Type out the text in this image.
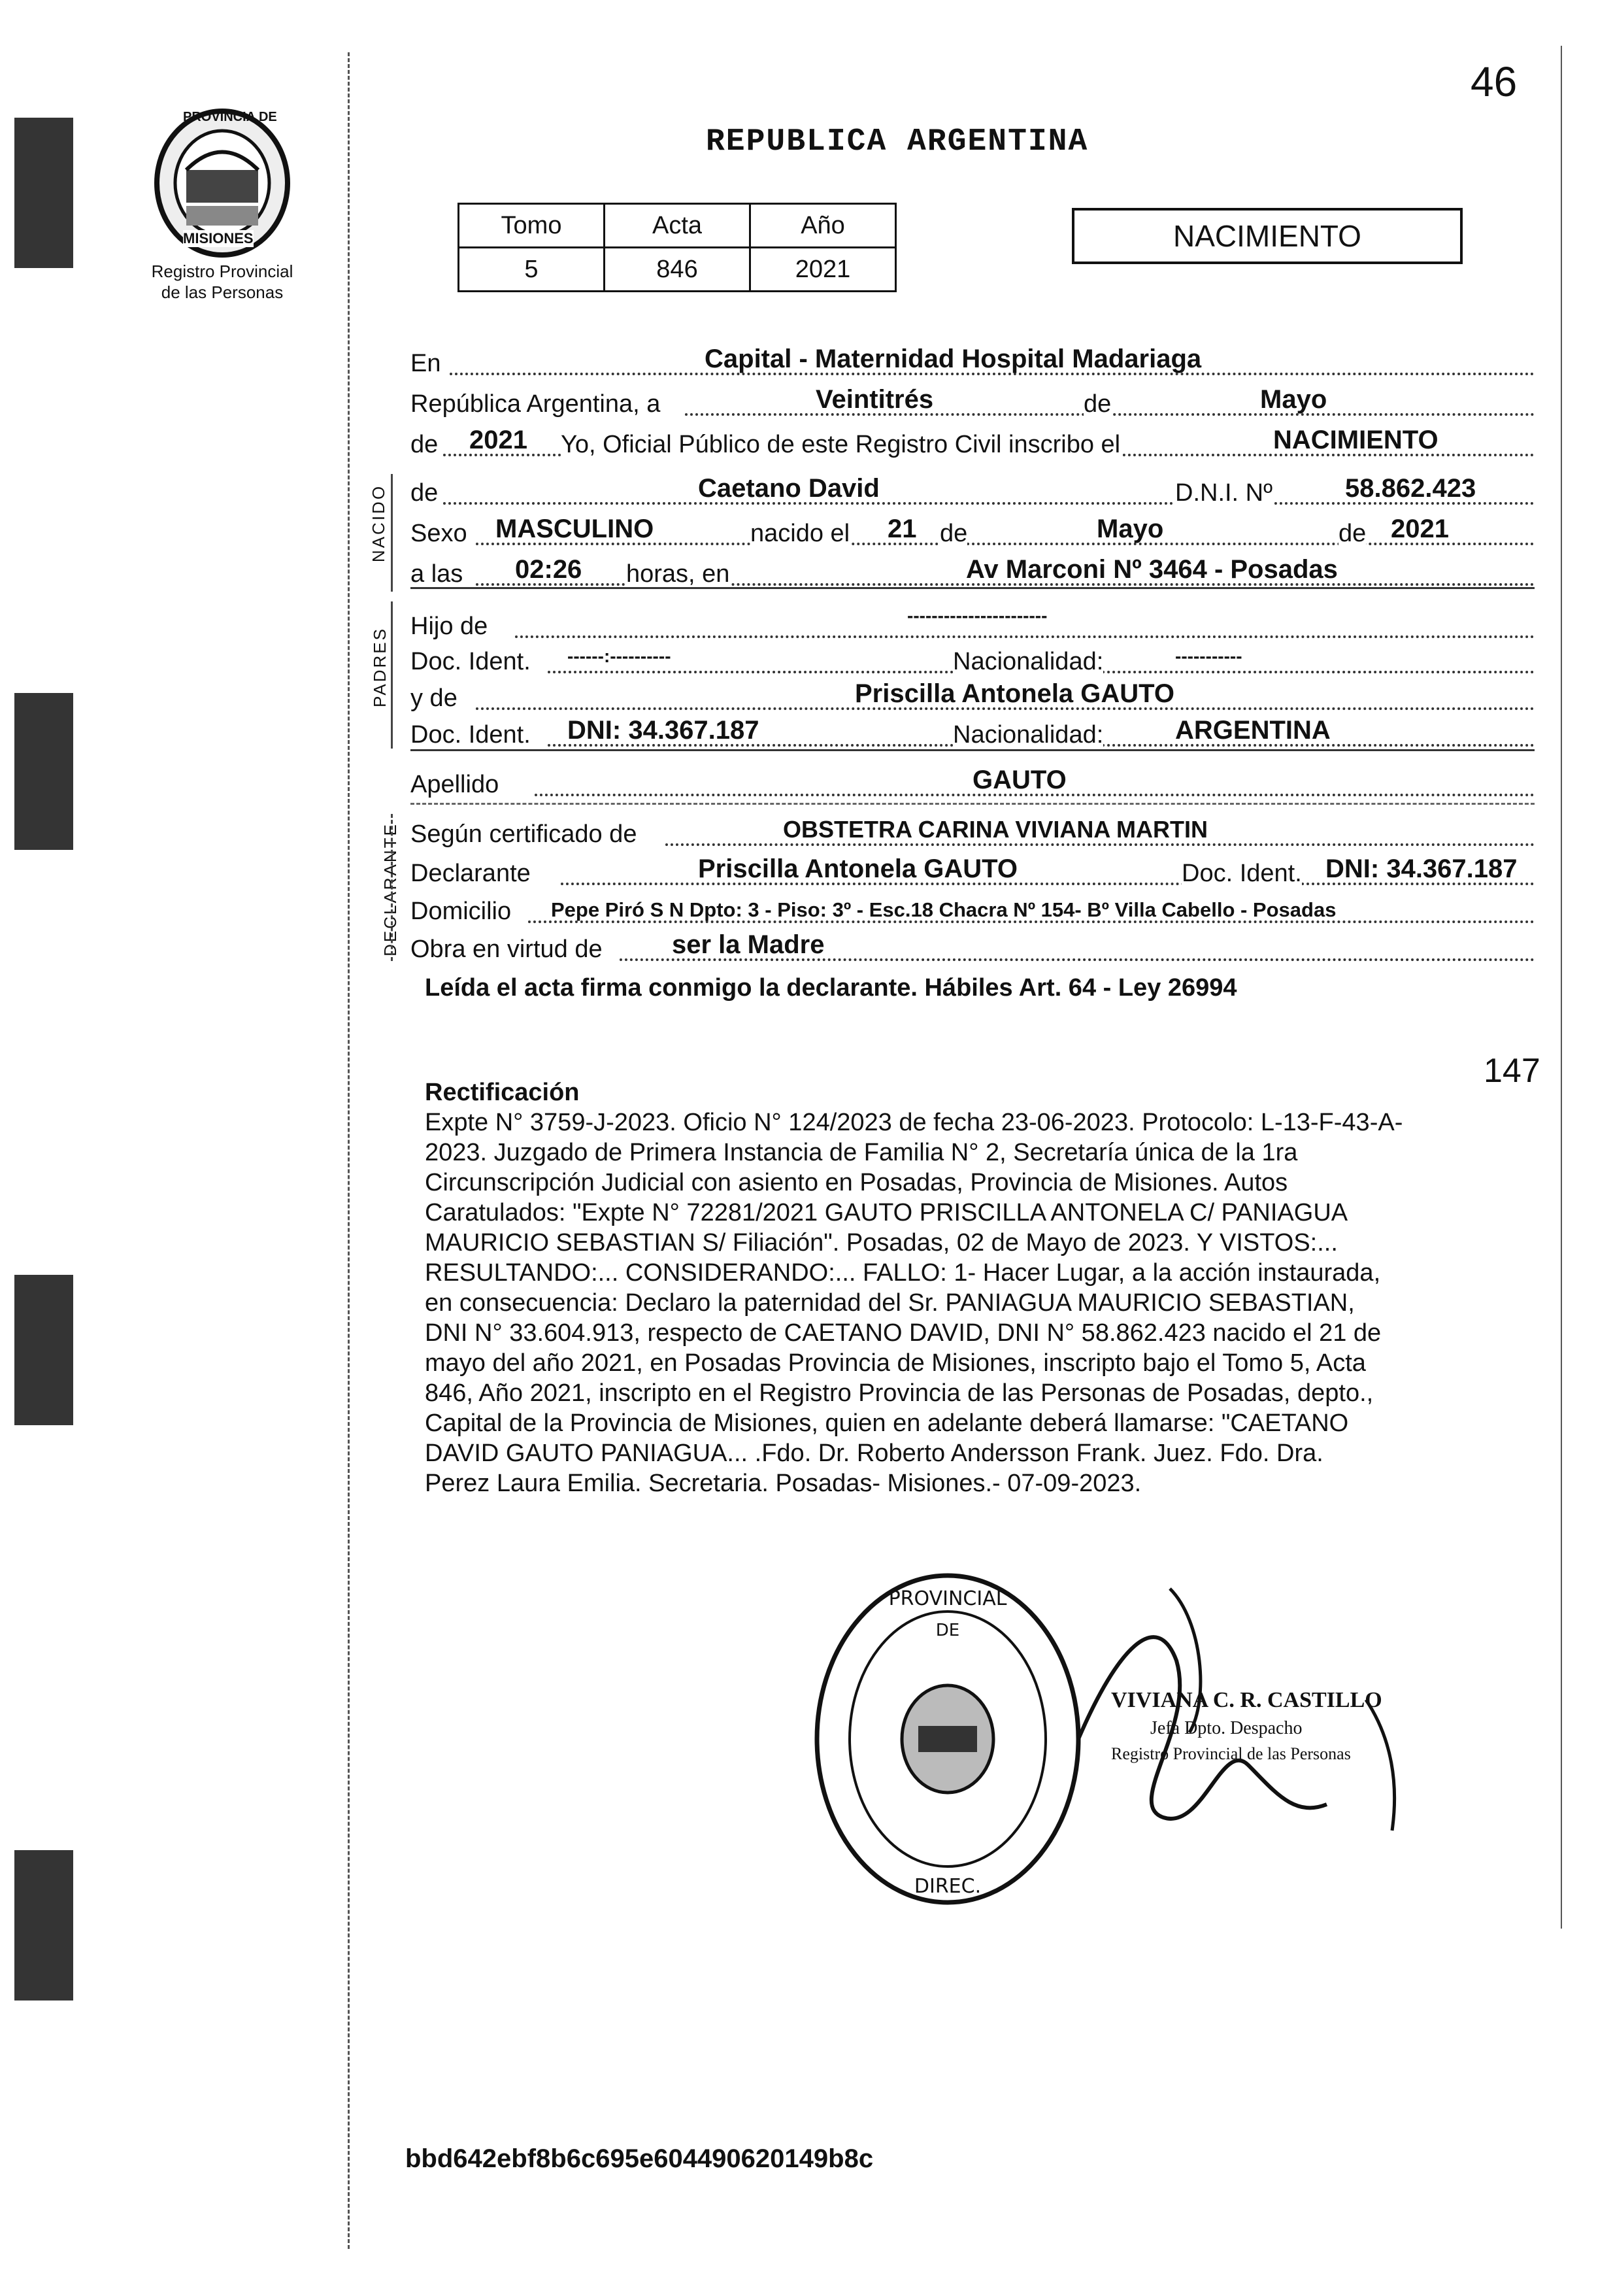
46
PROVINCIA DE
MISIONES
Registro Provincial
de las Personas
REPUBLICA ARGENTINA
Tomo	Acta	Año
5	846	2021
NACIMIENTO
En	Capital - Maternidad Hospital Madariaga
República Argentina, a	Veintitrés	de	Mayo
de 2021 Yo, Oficial Público de este Registro Civil inscribo el	NACIMIENTO
de	Caetano David	D.N.I. Nº	58.862.423
Sexo MASCULINO	nacido el 21 de	Mayo	de 2021
a las 02:26 horas, en	Av Marconi Nº 3464 - Posadas
Hijo de	-----------------------
Doc. Ident. ------:----------	Nacionalidad:	-----------
y de	Priscilla Antonela GAUTO
Doc. Ident. DNI: 34.367.187	Nacionalidad:	ARGENTINA
Apellido	GAUTO
Según certificado de	OBSTETRA CARINA VIVIANA MARTIN
Declarante	Priscilla Antonela GAUTO	Doc. Ident. DNI: 34.367.187
Domicilio Pepe Piró S N Dpto: 3 - Piso: 3º - Esc.18 Chacra Nº 154- Bº Villa Cabello - Posadas
Obra en virtud de	ser la Madre
NACIDO
PADRES
DECLARANTE
Leída el acta firma conmigo la declarante. Hábiles Art. 64 - Ley 26994
147
Rectificación
Expte N° 3759-J-2023. Oficio N° 124/2023 de fecha 23-06-2023. Protocolo: L-13-F-43-A-
2023. Juzgado de Primera Instancia de Familia N° 2, Secretaría única de la 1ra
Circunscripción Judicial con asiento en Posadas, Provincia de Misiones. Autos
Caratulados: "Expte N° 72281/2021 GAUTO PRISCILLA ANTONELA C/ PANIAGUA
MAURICIO SEBASTIAN S/ Filiación". Posadas, 02 de Mayo de 2023. Y VISTOS:...
RESULTANDO:... CONSIDERANDO:... FALLO: 1- Hacer Lugar, a la acción instaurada,
en consecuencia: Declaro la paternidad del Sr. PANIAGUA MAURICIO SEBASTIAN,
DNI N° 33.604.913, respecto de CAETANO DAVID, DNI N° 58.862.423 nacido el 21 de
mayo del año 2021, en Posadas Provincia de Misiones, inscripto bajo el Tomo 5, Acta
846, Año 2021, inscripto en el Registro Provincia de las Personas de Posadas, depto.,
Capital de la Provincia de Misiones, quien en adelante deberá llamarse: "CAETANO
DAVID GAUTO PANIAGUA... .Fdo. Dr. Roberto Andersson Frank. Juez. Fdo. Dra.
Perez Laura Emilia. Secretaria. Posadas- Misiones.- 07-09-2023.
PROVINCIAL
DE
DIREC.
VIVIANA C. R. CASTILLO
Jefa Dpto. Despacho
Registro Provincial de las Personas
bbd642ebf8b6c695e604490620149b8c
